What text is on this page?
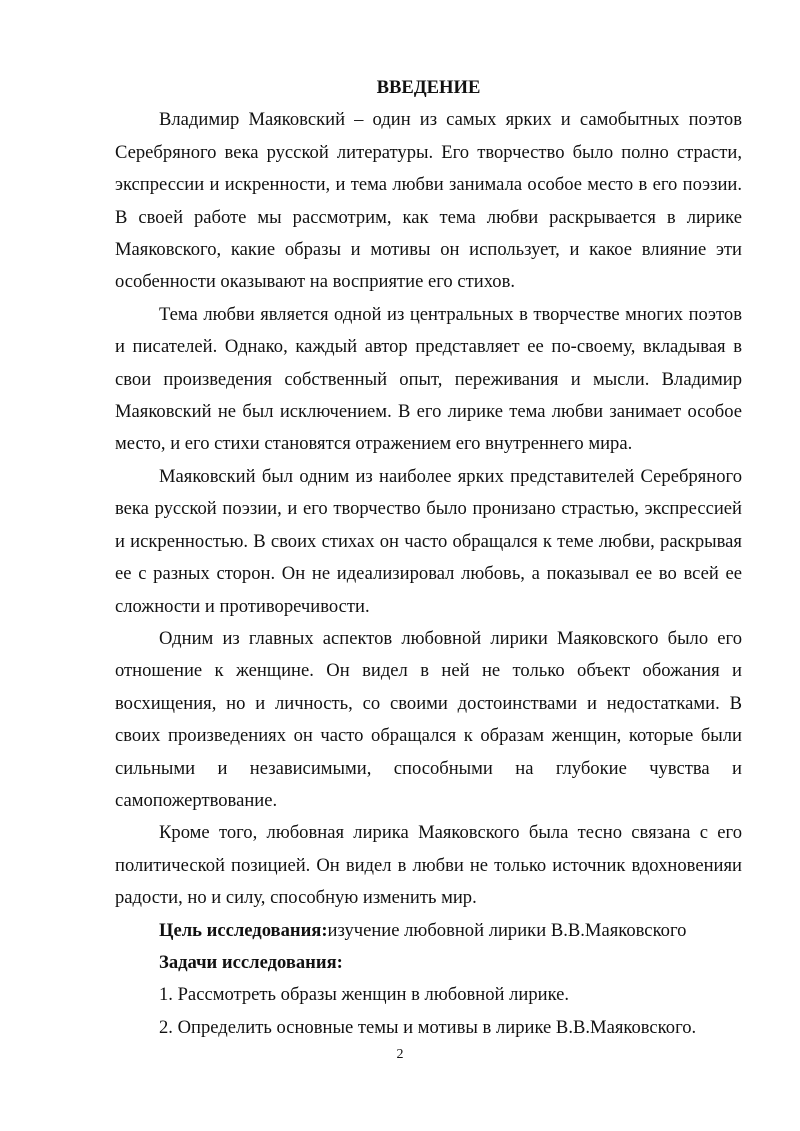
ВВЕДЕНИЕ

Владимир Маяковский – один из самых ярких и самобытных поэтов Серебряного века русской литературы. Его творчество было полно страсти, экспрессии и искренности, и тема любви занимала особое место в его поэзии. В своей работе мы рассмотрим, как тема любви раскрывается в лирике Маяковского, какие образы и мотивы он использует, и какое влияние эти особенности оказывают на восприятие его стихов.

Тема любви является одной из центральных в творчестве многих поэтов и писателей. Однако, каждый автор представляет ее по-своему, вкладывая в свои произведения собственный опыт, переживания и мысли. Владимир Маяковский не был исключением. В его лирике тема любви занимает особое место, и его стихи становятся отражением его внутреннего мира.

Маяковский был одним из наиболее ярких представителей Серебряного века русской поэзии, и его творчество было пронизано страстью, экспрессией и искренностью. В своих стихах он часто обращался к теме любви, раскрывая ее с разных сторон. Он не идеализировал любовь, а показывал ее во всей ее сложности и противоречивости.

Одним из главных аспектов любовной лирики Маяковского было его отношение к женщине. Он видел в ней не только объект обожания и восхищения, но и личность, со своими достоинствами и недостатками. В своих произведениях он часто обращался к образам женщин, которые были сильными и независимыми, способными на глубокие чувства и самопожертвование.

Кроме того, любовная лирика Маяковского была тесно связана с его политической позицией. Он видел в любви не только источник вдохновенияи радости, но и силу, способную изменить мир.

Цель исследования:изучение любовной лирики В.В.Маяковского

Задачи исследования:

1. Рассмотреть образы женщин в любовной лирике.

2. Определить основные темы и мотивы в лирике В.В.Маяковского.

2
